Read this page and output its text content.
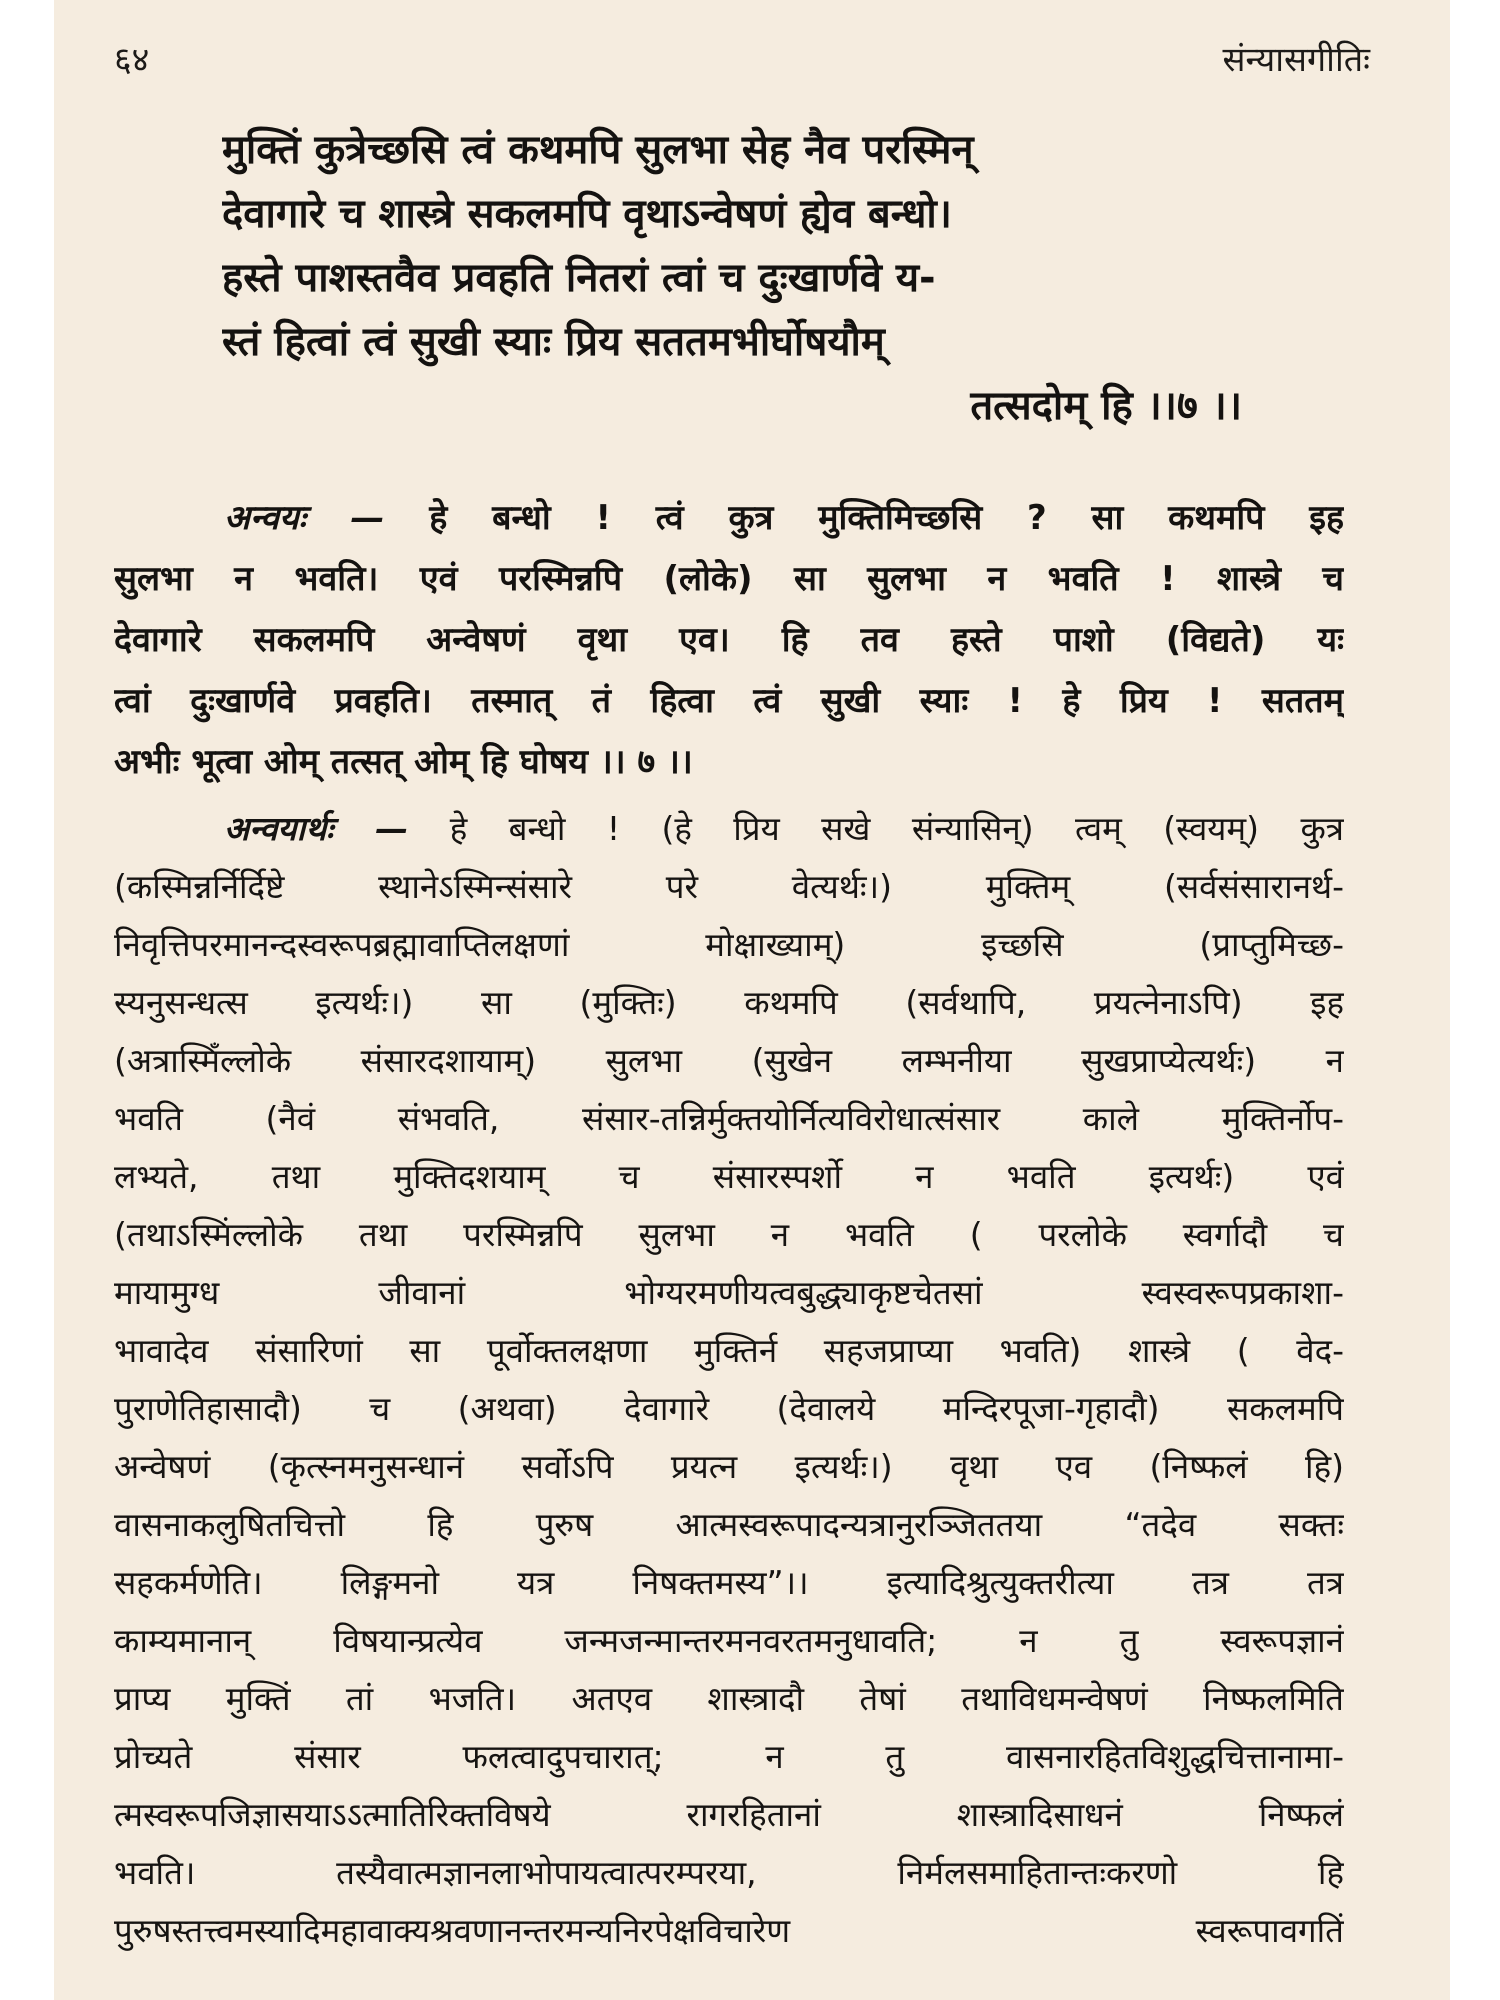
६४	संन्यासगीतिः
मुक्तिं कुत्रेच्छसि त्वं कथमपि सुलभा सेह नैव परस्मिन्
देवागारे च शास्त्रे सकलमपि वृथाऽन्वेषणं ह्येव बन्धो।
हस्ते पाशस्तवैव प्रवहति नितरां त्वां च दुःखार्णवे य-
स्तं हित्वां त्वं सुखी स्याः प्रिय सततमभीर्घोषयौम्
तत्सदोम् हि ।।७ ।।
अन्वयः — हे बन्धो ! त्वं कुत्र मुक्तिमिच्छसि ? सा कथमपि इह
सुलभा न भवति। एवं परस्मिन्नपि (लोके) सा सुलभा न भवति ! शास्त्रे च
देवागारे सकलमपि अन्वेषणं वृथा एव। हि तव हस्ते पाशो (विद्यते) यः
त्वां दुःखार्णवे प्रवहति। तस्मात् तं हित्वा त्वं सुखी स्याः ! हे प्रिय ! सततम्
अभीः भूत्वा ओम् तत्सत् ओम् हि घोषय ।। ७ ।।
अन्वयार्थः — हे बन्धो ! (हे प्रिय सखे संन्यासिन्) त्वम् (स्वयम्) कुत्र
(कस्मिन्नर्निर्दिष्टे स्थानेऽस्मिन्संसारे परे वेत्यर्थः।) मुक्तिम् (सर्वसंसारानर्थ-
निवृत्तिपरमानन्दस्वरूपब्रह्मावाप्तिलक्षणां मोक्षाख्याम्) इच्छसि (प्राप्तुमिच्छ-
स्यनुसन्धत्स इत्यर्थः।) सा (मुक्तिः) कथमपि (सर्वथापि, प्रयत्नेनाऽपि) इह
(अत्रास्मिँल्लोके संसारदशायाम्) सुलभा (सुखेन लम्भनीया सुखप्राप्येत्यर्थः) न
भवति (नैवं संभवति, संसार-तन्निर्मुक्तयोर्नित्यविरोधात्संसार काले मुक्तिर्नोप-
लभ्यते, तथा मुक्तिदशयाम् च संसारस्पर्शो न भवति इत्यर्थः) एवं
(तथाऽस्मिंल्लोके तथा परस्मिन्नपि सुलभा न भवति ( परलोके स्वर्गादौ च
मायामुग्ध जीवानां भोग्यरमणीयत्वबुद्ध्याकृष्टचेतसां स्वस्वरूपप्रकाशा-
भावादेव संसारिणां सा पूर्वोक्तलक्षणा मुक्तिर्न सहजप्राप्या भवति) शास्त्रे ( वेद-
पुराणेतिहासादौ) च (अथवा) देवागारे (देवालये मन्दिरपूजा-गृहादौ) सकलमपि
अन्वेषणं (कृत्स्नमनुसन्धानं सर्वोऽपि प्रयत्न इत्यर्थः।) वृथा एव (निष्फलं हि)
वासनाकलुषितचित्तो हि पुरुष आत्मस्वरूपादन्यत्रानुरञ्जिततया “तदेव सक्तः
सहकर्मणेति। लिङ्गमनो यत्र निषक्तमस्य”।। इत्यादिश्रुत्युक्तरीत्या तत्र तत्र
काम्यमानान् विषयान्प्रत्येव जन्मजन्मान्तरमनवरतमनुधावति; न तु स्वरूपज्ञानं
प्राप्य मुक्तिं तां भजति। अतएव शास्त्रादौ तेषां तथाविधमन्वेषणं निष्फलमिति
प्रोच्यते संसार फलत्वादुपचारात्; न तु वासनारहितविशुद्धचित्तानामा-
त्मस्वरूपजिज्ञासयाऽऽत्मातिरिक्तविषये रागरहितानां शास्त्रादिसाधनं निष्फलं
भवति। तस्यैवात्मज्ञानलाभोपायत्वात्परम्परया, निर्मलसमाहितान्तःकरणो हि
पुरुषस्तत्त्वमस्यादिमहावाक्यश्रवणानन्तरमन्यनिरपेक्षविचारेण स्वरूपावगतिं
